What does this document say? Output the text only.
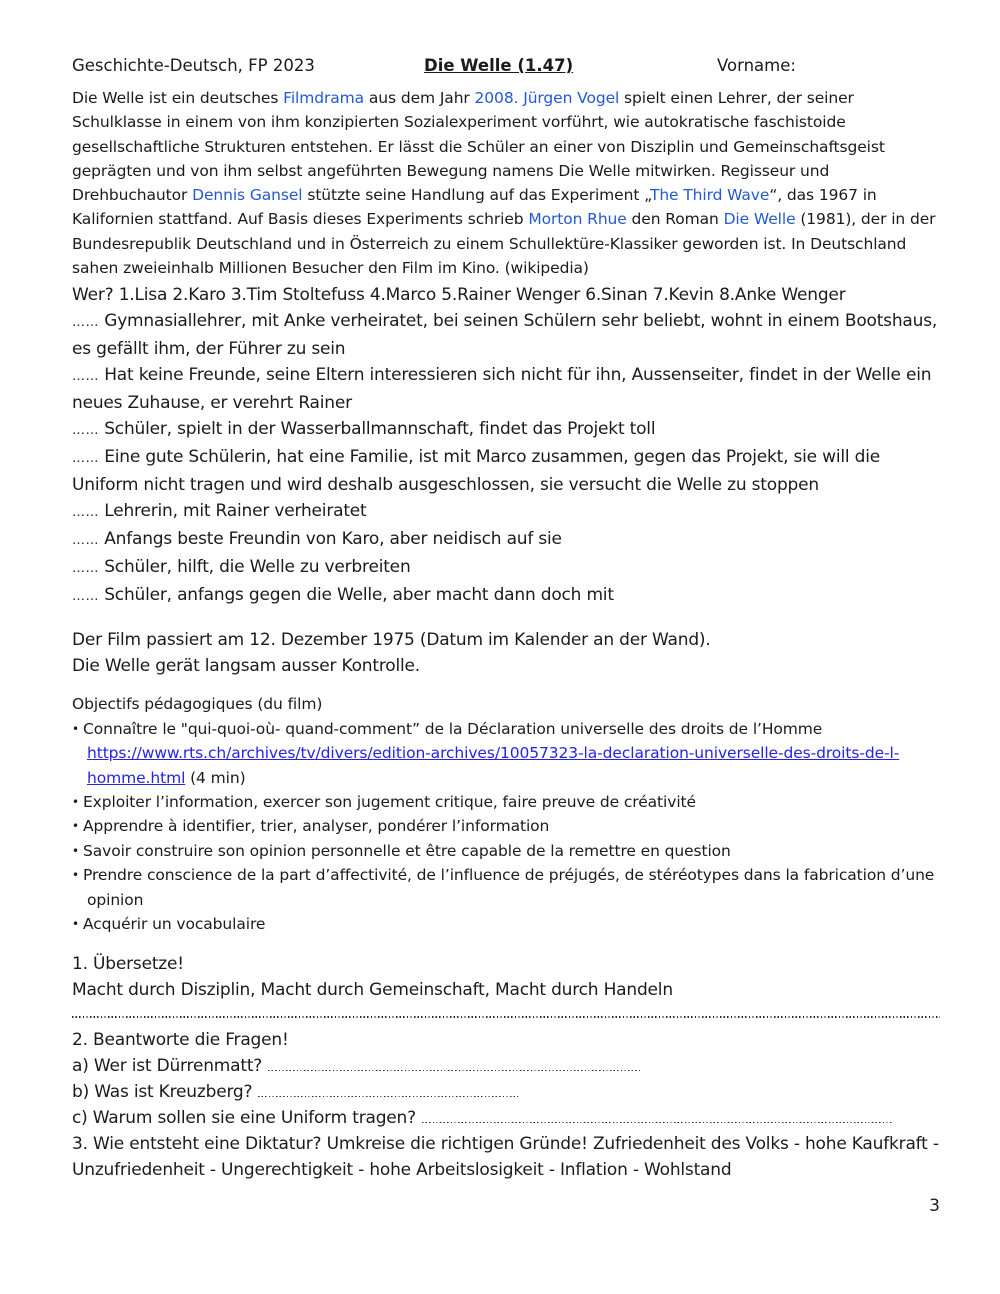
Geschichte-Deutsch, FP 2023	Die Welle (1.47)	Vorname:

Die Welle ist ein deutsches Filmdrama aus dem Jahr 2008. Jürgen Vogel spielt einen Lehrer, der seiner Schulklasse in einem von ihm konzipierten Sozialexperiment vorführt, wie autokratische faschistoide gesellschaftliche Strukturen entstehen. Er lässt die Schüler an einer von Disziplin und Gemeinschaftsgeist geprägten und von ihm selbst angeführten Bewegung namens Die Welle mitwirken. Regisseur und Drehbuchautor Dennis Gansel stützte seine Handlung auf das Experiment „The Third Wave“, das 1967 in Kalifornien stattfand. Auf Basis dieses Experiments schrieb Morton Rhue den Roman Die Welle (1981), der in der Bundesrepublik Deutschland und in Österreich zu einem Schullektüre-Klassiker geworden ist. In Deutschland sahen zweieinhalb Millionen Besucher den Film im Kino. (wikipedia)

Wer? 1.Lisa 2.Karo 3.Tim Stoltefuss 4.Marco 5.Rainer Wenger 6.Sinan 7.Kevin 8.Anke Wenger

…… Gymnasiallehrer, mit Anke verheiratet, bei seinen Schülern sehr beliebt, wohnt in einem Bootshaus, es gefällt ihm, der Führer zu sein

…… Hat keine Freunde, seine Eltern interessieren sich nicht für ihn, Aussenseiter, findet in der Welle ein neues Zuhause, er verehrt Rainer

…… Schüler, spielt in der Wasserballmannschaft, findet das Projekt toll

…… Eine gute Schülerin, hat eine Familie, ist mit Marco zusammen, gegen das Projekt, sie will die Uniform nicht tragen und wird deshalb ausgeschlossen, sie versucht die Welle zu stoppen

…… Lehrerin, mit Rainer verheiratet

…… Anfangs beste Freundin von Karo, aber neidisch auf sie

…… Schüler, hilft, die Welle zu verbreiten

…… Schüler, anfangs gegen die Welle, aber macht dann doch mit

Der Film passiert am 12. Dezember 1975 (Datum im Kalender an der Wand).

Die Welle gerät langsam ausser Kontrolle.

Objectifs pédagogiques (du film)

• Connaître le "qui-quoi-où- quand-comment” de la Déclaration universelle des droits de l’Homme https://www.rts.ch/archives/tv/divers/edition-archives/10057323-la-declaration-universelle-des-droits-de-l-homme.html (4 min)

• Exploiter l’information, exercer son jugement critique, faire preuve de créativité

• Apprendre à identifier, trier, analyser, pondérer l’information

• Savoir construire son opinion personnelle et être capable de la remettre en question

• Prendre conscience de la part d’affectivité, de l’influence de préjugés, de stéréotypes dans la fabrication d’une opinion

• Acquérir un vocabulaire

1. Übersetze!

Macht durch Disziplin, Macht durch Gemeinschaft, Macht durch Handeln

2. Beantworte die Fragen!

a) Wer ist Dürrenmatt?

b) Was ist Kreuzberg?

c) Warum sollen sie eine Uniform tragen?

3. Wie entsteht eine Diktatur? Umkreise die richtigen Gründe! Zufriedenheit des Volks - hohe Kaufkraft - Unzufriedenheit - Ungerechtigkeit - hohe Arbeitslosigkeit - Inflation - Wohlstand

3
